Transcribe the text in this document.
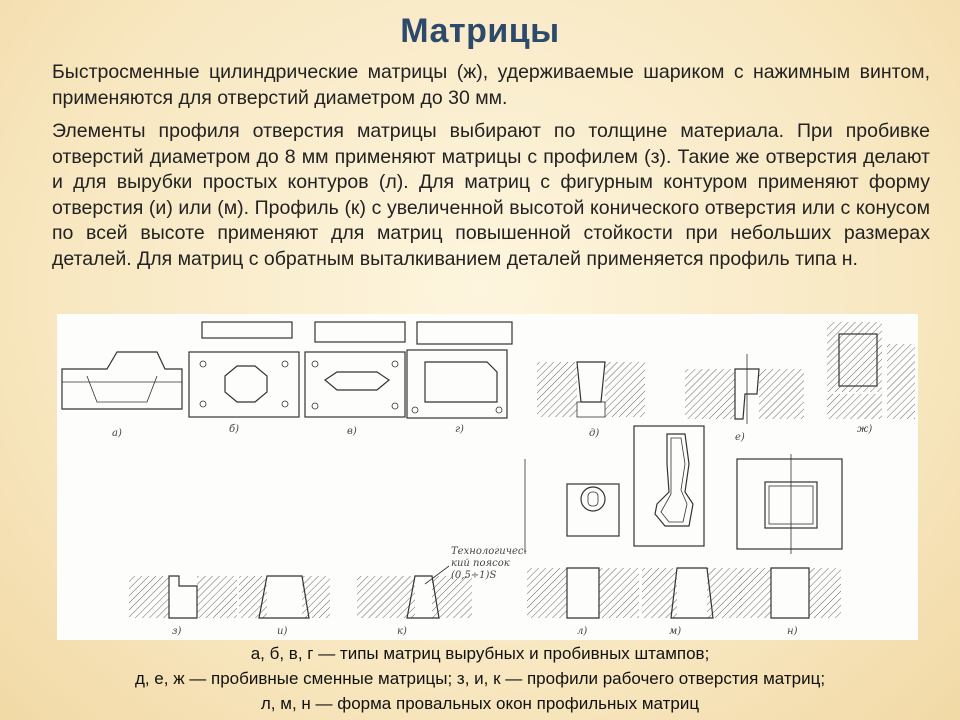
Матрицы

Быстросменные цилиндрические матрицы (ж), удерживаемые шариком с нажимным винтом, применяются для отверстий диаметром до 30 мм.

Элементы профиля отверстия матрицы выбирают по толщине материала. При пробивке отверстий диаметром до 8 мм применяют матрицы с профилем (з). Такие же отверстия делают и для вырубки простых контуров (л). Для матриц с фигурным контуром применяют форму отверстия (и) или (м). Профиль (к) с увеличенной высотой конического отверстия или с конусом по всей высоте применяют для матриц повышенной стойкости при небольших размерах деталей. Для матриц с обратным выталкиванием деталей применяется профиль типа н.

а)	б)	в)	г)	д)	е)
ж)
з)	и)	к)
Технологичес-
кий поясок
(0,5÷1)S
л)	м)	н)

а, б, в, г — типы матриц вырубных и пробивных штампов;

д, е, ж — пробивные сменные матрицы; з, и, к — профили рабочего отверстия матриц;

л, м, н — форма провальных окон профильных матриц
